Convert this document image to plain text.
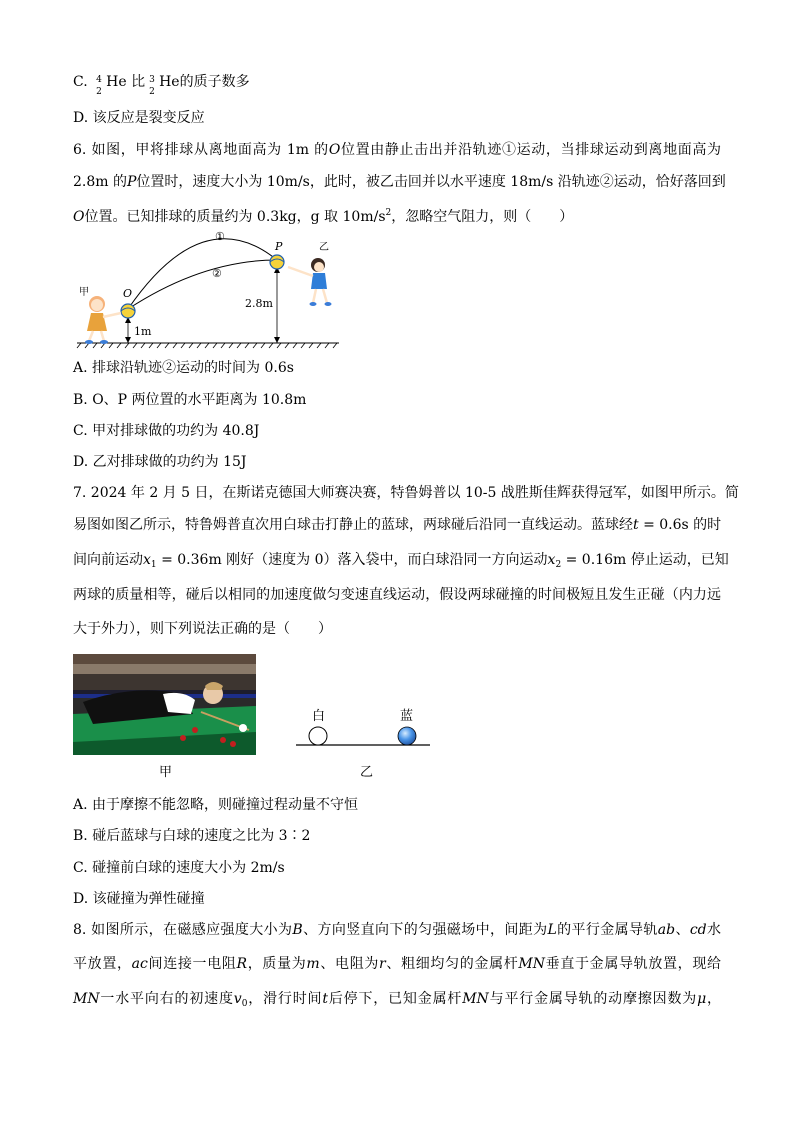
C. 4
2
He 比 3
2
He的质子数多
D. 该反应是裂变反应
6. 如图，甲将排球从离地面高为 1m 的O位置由静止击出并沿轨迹①运动，当排球运动到离地面高为
2.8m 的P位置时，速度大小为 10m/s，此时，被乙击回并以水平速度 18m/s 沿轨迹②运动，恰好落回到
O位置。已知排球的质量约为 0.3kg，g 取 $10m/s^2$，忽略空气阻力，则（　　）
①
②
1m
2.8m
O
P
甲
乙
A. 排球沿轨迹②运动的时间为 0.6s
B. O、P 两位置的水平距离为 10.8m
C. 甲对排球做的功约为 40.8J
D. 乙对排球做的功约为 15J
7. 2024 年 2 月 5 日，在斯诺克德国大师赛决赛，特鲁姆普以 10-5 战胜斯佳辉获得冠军，如图甲所示。简
易图如图乙所示，特鲁姆普直次用白球击打静止的蓝球，两球碰后沿同一直线运动。蓝球经t = 0.6s 的时
间向前运动$x_1 = 0.36m$ 刚好（速度为 0）落入袋中，而白球沿同一方向运动$x_2 = 0.16m$ 停止运动，已知
两球的质量相等，碰后以相同的加速度做匀变速直线运动，假设两球碰撞的时间极短且发生正碰（内力远
大于外力），则下列说法正确的是（　　）
白	蓝
甲	乙
A. 由于摩擦不能忽略，则碰撞过程动量不守恒
B. 碰后蓝球与白球的速度之比为 3∶2
C. 碰撞前白球的速度大小为 2m/s
D. 该碰撞为弹性碰撞
8. 如图所示，在磁感应强度大小为B、方向竖直向下的匀强磁场中，间距为L的平行金属导轨ab、cd水
平放置，ac间连接一电阻R，质量为m、电阻为r、粗细均匀的金属杆MN垂直于金属导轨放置，现给
MN一水平向右的初速度$v_0$，滑行时间t后停下，已知金属杆MN与平行金属导轨的动摩擦因数为μ，
